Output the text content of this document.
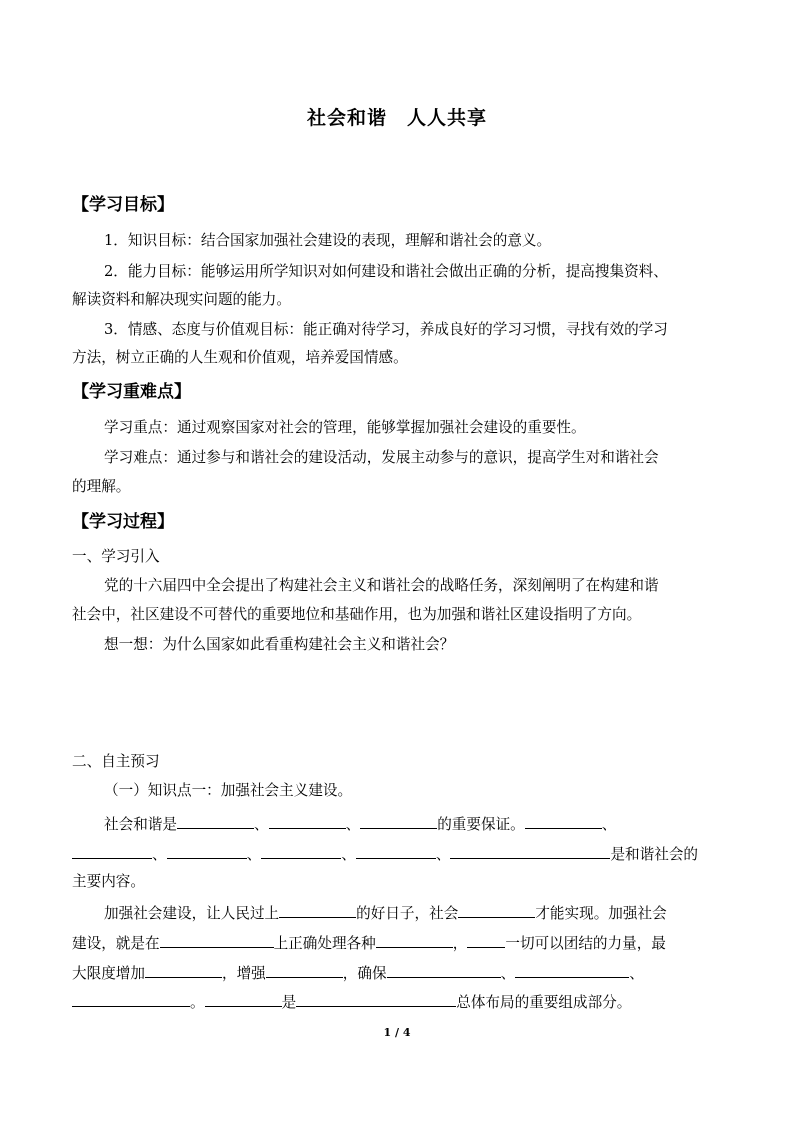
社会和谐　人人共享
【学习目标】
1．知识目标：结合国家加强社会建设的表现，理解和谐社会的意义。
2．能力目标：能够运用所学知识对如何建设和谐社会做出正确的分析，提高搜集资料、
解读资料和解决现实问题的能力。
3．情感、态度与价值观目标：能正确对待学习，养成良好的学习习惯，寻找有效的学习
方法，树立正确的人生观和价值观，培养爱国情感。
【学习重难点】
学习重点：通过观察国家对社会的管理，能够掌握加强社会建设的重要性。
学习难点：通过参与和谐社会的建设活动，发展主动参与的意识，提高学生对和谐社会
的理解。
【学习过程】
一、学习引入
党的十六届四中全会提出了构建社会主义和谐社会的战略任务，深刻阐明了在构建和谐
社会中，社区建设不可替代的重要地位和基础作用，也为加强和谐社区建设指明了方向。
想一想：为什么国家如此看重构建社会主义和谐社会？
二、自主预习
（一）知识点一：加强社会主义建设。
社会和谐是	、	、	的重要保证。	、
、	、	、	、	是和谐社会的
主要内容。
加强社会建设，让人民过上	的好日子，社会	才能实现。加强社会
建设，就是在	上正确处理各种	，	一切可以团结的力量，最
大限度增加	，增强	，确保	、	、
。	是	总体布局的重要组成部分。
1 / 4
